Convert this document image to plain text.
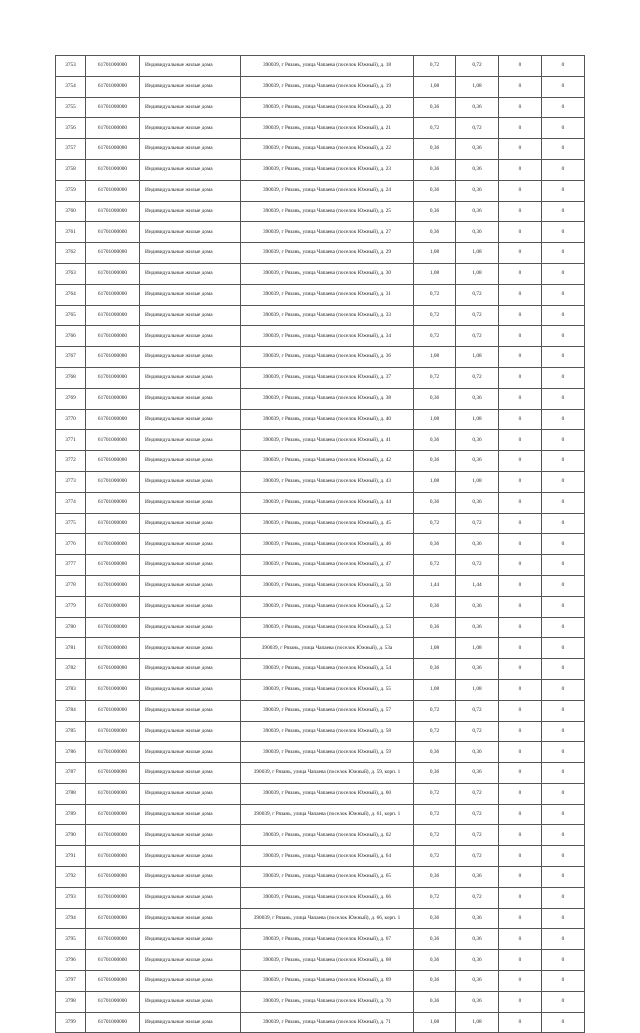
3753	61701000000	Индивидуальные жилые дома	390039, г Рязань, улица Чапаева (поселок Южный), д. 18	0,72	0,72	0	0
3754	61701000000	Индивидуальные жилые дома	390039, г Рязань, улица Чапаева (поселок Южный), д. 19	1,08	1,08	0	0
3755	61701000000	Индивидуальные жилые дома	390039, г Рязань, улица Чапаева (поселок Южный), д. 20	0,36	0,36	0	0
3756	61701000000	Индивидуальные жилые дома	390039, г Рязань, улица Чапаева (поселок Южный), д. 21	0,72	0,72	0	0
3757	61701000000	Индивидуальные жилые дома	390039, г Рязань, улица Чапаева (поселок Южный), д. 22	0,36	0,36	0	0
3758	61701000000	Индивидуальные жилые дома	390039, г Рязань, улица Чапаева (поселок Южный), д. 23	0,36	0,36	0	0
3759	61701000000	Индивидуальные жилые дома	390039, г Рязань, улица Чапаева (поселок Южный), д. 24	0,36	0,36	0	0
3760	61701000000	Индивидуальные жилые дома	390039, г Рязань, улица Чапаева (поселок Южный), д. 25	0,36	0,36	0	0
3761	61701000000	Индивидуальные жилые дома	390039, г Рязань, улица Чапаева (поселок Южный), д. 27	0,36	0,36	0	0
3762	61701000000	Индивидуальные жилые дома	390039, г Рязань, улица Чапаева (поселок Южный), д. 29	1,08	1,08	0	0
3763	61701000000	Индивидуальные жилые дома	390039, г Рязань, улица Чапаева (поселок Южный), д. 30	1,08	1,08	0	0
3764	61701000000	Индивидуальные жилые дома	390039, г Рязань, улица Чапаева (поселок Южный), д. 31	0,72	0,72	0	0
3765	61701000000	Индивидуальные жилые дома	390039, г Рязань, улица Чапаева (поселок Южный), д. 33	0,72	0,72	0	0
3766	61701000000	Индивидуальные жилые дома	390039, г Рязань, улица Чапаева (поселок Южный), д. 34	0,72	0,72	0	0
3767	61701000000	Индивидуальные жилые дома	390039, г Рязань, улица Чапаева (поселок Южный), д. 36	1,08	1,08	0	0
3768	61701000000	Индивидуальные жилые дома	390039, г Рязань, улица Чапаева (поселок Южный), д. 37	0,72	0,72	0	0
3769	61701000000	Индивидуальные жилые дома	390039, г Рязань, улица Чапаева (поселок Южный), д. 38	0,36	0,36	0	0
3770	61701000000	Индивидуальные жилые дома	390039, г Рязань, улица Чапаева (поселок Южный), д. 40	1,08	1,08	0	0
3771	61701000000	Индивидуальные жилые дома	390039, г Рязань, улица Чапаева (поселок Южный), д. 41	0,36	0,36	0	0
3772	61701000000	Индивидуальные жилые дома	390039, г Рязань, улица Чапаева (поселок Южный), д. 42	0,36	0,36	0	0
3773	61701000000	Индивидуальные жилые дома	390039, г Рязань, улица Чапаева (поселок Южный), д. 43	1,08	1,08	0	0
3774	61701000000	Индивидуальные жилые дома	390039, г Рязань, улица Чапаева (поселок Южный), д. 44	0,36	0,36	0	0
3775	61701000000	Индивидуальные жилые дома	390039, г Рязань, улица Чапаева (поселок Южный), д. 45	0,72	0,72	0	0
3776	61701000000	Индивидуальные жилые дома	390039, г Рязань, улица Чапаева (поселок Южный), д. 46	0,36	0,36	0	0
3777	61701000000	Индивидуальные жилые дома	390039, г Рязань, улица Чапаева (поселок Южный), д. 47	0,72	0,72	0	0
3778	61701000000	Индивидуальные жилые дома	390039, г Рязань, улица Чапаева (поселок Южный), д. 50	1,44	1,44	0	0
3779	61701000000	Индивидуальные жилые дома	390039, г Рязань, улица Чапаева (поселок Южный), д. 52	0,36	0,36	0	0
3780	61701000000	Индивидуальные жилые дома	390039, г Рязань, улица Чапаева (поселок Южный), д. 53	0,36	0,36	0	0
3781	61701000000	Индивидуальные жилые дома	390039, г Рязань, улица Чапаева (поселок Южный), д. 53а	1,08	1,08	0	0
3782	61701000000	Индивидуальные жилые дома	390039, г Рязань, улица Чапаева (поселок Южный), д. 54	0,36	0,36	0	0
3783	61701000000	Индивидуальные жилые дома	390039, г Рязань, улица Чапаева (поселок Южный), д. 55	1,08	1,08	0	0
3784	61701000000	Индивидуальные жилые дома	390039, г Рязань, улица Чапаева (поселок Южный), д. 57	0,72	0,72	0	0
3785	61701000000	Индивидуальные жилые дома	390039, г Рязань, улица Чапаева (поселок Южный), д. 58	0,72	0,72	0	0
3786	61701000000	Индивидуальные жилые дома	390039, г Рязань, улица Чапаева (поселок Южный), д. 59	0,36	0,36	0	0
3787	61701000000	Индивидуальные жилые дома	390039, г Рязань, улица Чапаева (поселок Южный), д. 59, корп. 1	0,36	0,36	0	0
3788	61701000000	Индивидуальные жилые дома	390039, г Рязань, улица Чапаева (поселок Южный), д. 60	0,72	0,72	0	0
3789	61701000000	Индивидуальные жилые дома	390039, г Рязань, улица Чапаева (поселок Южный), д. 61, корп. 1	0,72	0,72	0	0
3790	61701000000	Индивидуальные жилые дома	390039, г Рязань, улица Чапаева (поселок Южный), д. 62	0,72	0,72	0	0
3791	61701000000	Индивидуальные жилые дома	390039, г Рязань, улица Чапаева (поселок Южный), д. 64	0,72	0,72	0	0
3792	61701000000	Индивидуальные жилые дома	390039, г Рязань, улица Чапаева (поселок Южный), д. 65	0,36	0,36	0	0
3793	61701000000	Индивидуальные жилые дома	390039, г Рязань, улица Чапаева (поселок Южный), д. 66	0,72	0,72	0	0
3794	61701000000	Индивидуальные жилые дома	390039, г Рязань, улица Чапаева (поселок Южный), д. 66, корп. 1	0,36	0,36	0	0
3795	61701000000	Индивидуальные жилые дома	390039, г Рязань, улица Чапаева (поселок Южный), д. 67	0,36	0,36	0	0
3796	61701000000	Индивидуальные жилые дома	390039, г Рязань, улица Чапаева (поселок Южный), д. 68	0,36	0,36	0	0
3797	61701000000	Индивидуальные жилые дома	390039, г Рязань, улица Чапаева (поселок Южный), д. 69	0,36	0,36	0	0
3798	61701000000	Индивидуальные жилые дома	390039, г Рязань, улица Чапаева (поселок Южный), д. 70	0,36	0,36	0	0
3799	61701000000	Индивидуальные жилые дома	390039, г Рязань, улица Чапаева (поселок Южный), д. 71	1,08	1,08	0	0
